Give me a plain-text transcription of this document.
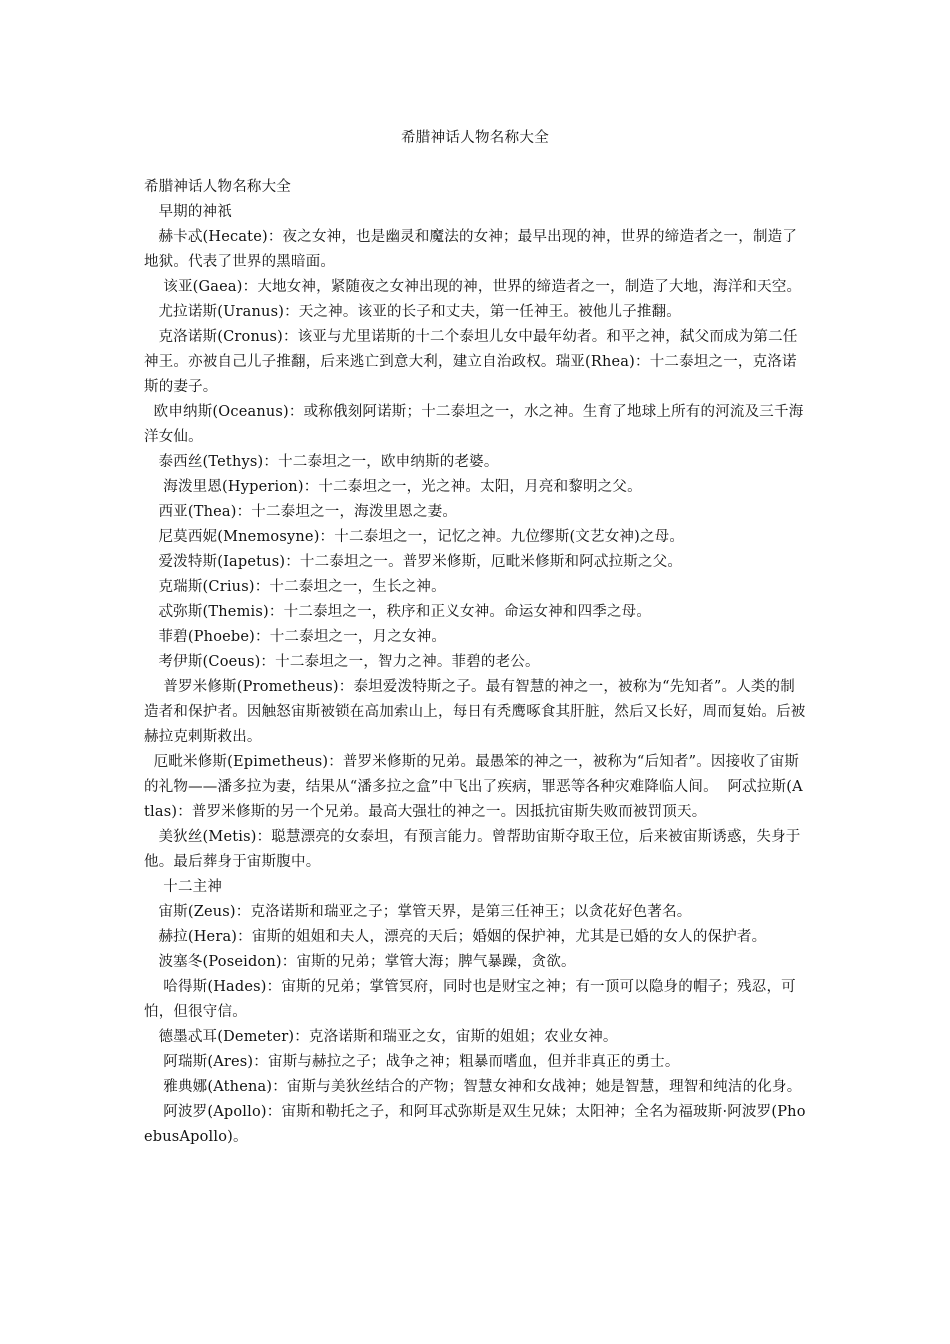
希腊神话人物名称大全

希腊神话人物名称大全

早期的神祇

赫卡忒(Hecate)：夜之女神，也是幽灵和魔法的女神；最早出现的神，世界的缔造者之一，制造了地狱。代表了世界的黑暗面。

该亚(Gaea)：大地女神，紧随夜之女神出现的神，世界的缔造者之一，制造了大地，海洋和天空。

尤拉诺斯(Uranus)：天之神。该亚的长子和丈夫，第一任神王。被他儿子推翻。

克洛诺斯(Cronus)：该亚与尤里诺斯的十二个泰坦儿女中最年幼者。和平之神，弑父而成为第二任神王。亦被自己儿子推翻，后来逃亡到意大利，建立自治政权。瑞亚(Rhea)：十二泰坦之一，克洛诺斯的妻子。

欧申纳斯(Oceanus)：或称俄刻阿诺斯；十二泰坦之一，水之神。生育了地球上所有的河流及三千海洋女仙。

泰西丝(Tethys)：十二泰坦之一，欧申纳斯的老婆。

海泼里恩(Hyperion)：十二泰坦之一，光之神。太阳，月亮和黎明之父。

西亚(Thea)：十二泰坦之一，海泼里恩之妻。

尼莫西妮(Mnemosyne)：十二泰坦之一，记忆之神。九位缪斯(文艺女神)之母。

爱泼特斯(Iapetus)：十二泰坦之一。普罗米修斯，厄毗米修斯和阿忒拉斯之父。

克瑞斯(Crius)：十二泰坦之一，生长之神。

忒弥斯(Themis)：十二泰坦之一，秩序和正义女神。命运女神和四季之母。

菲碧(Phoebe)：十二泰坦之一，月之女神。

考伊斯(Coeus)：十二泰坦之一，智力之神。菲碧的老公。

普罗米修斯(Prometheus)：泰坦爱泼特斯之子。最有智慧的神之一，被称为“先知者”。人类的制造者和保护者。因触怒宙斯被锁在高加索山上，每日有秃鹰啄食其肝脏，然后又长好，周而复始。后被赫拉克剌斯救出。

厄毗米修斯(Epimetheus)：普罗米修斯的兄弟。最愚笨的神之一，被称为“后知者”。因接收了宙斯的礼物——潘多拉为妻，结果从“潘多拉之盒”中飞出了疾病，罪恶等各种灾难降临人间。  阿忒拉斯(Atlas)：普罗米修斯的另一个兄弟。最高大强壮的神之一。因抵抗宙斯失败而被罚顶天。

美狄丝(Metis)：聪慧漂亮的女泰坦，有预言能力。曾帮助宙斯夺取王位，后来被宙斯诱惑，失身于他。最后葬身于宙斯腹中。

十二主神

宙斯(Zeus)：克洛诺斯和瑞亚之子；掌管天界，是第三任神王；以贪花好色著名。

赫拉(Hera)：宙斯的姐姐和夫人，漂亮的天后；婚姻的保护神，尤其是已婚的女人的保护者。

波塞冬(Poseidon)：宙斯的兄弟；掌管大海；脾气暴躁，贪欲。

哈得斯(Hades)：宙斯的兄弟；掌管冥府，同时也是财宝之神；有一顶可以隐身的帽子；残忍，可怕，但很守信。

德墨忒耳(Demeter)：克洛诺斯和瑞亚之女，宙斯的姐姐；农业女神。

阿瑞斯(Ares)：宙斯与赫拉之子；战争之神；粗暴而嗜血，但并非真正的勇士。

雅典娜(Athena)：宙斯与美狄丝结合的产物；智慧女神和女战神；她是智慧，理智和纯洁的化身。

阿波罗(Apollo)：宙斯和勒托之子，和阿耳忒弥斯是双生兄妹；太阳神；全名为福玻斯·阿波罗(PhoebusApollo)。
